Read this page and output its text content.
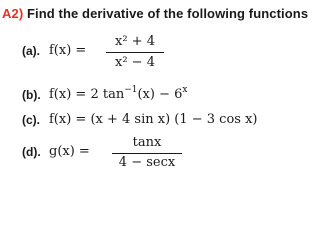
A2) Find the derivative of the following functions
(a). f(x) =
x² + 4
x² − 4
(b). f(x) = 2 $\tan^{-1}(x) - 6^x$
(c). f(x) = (x + 4 sin x) (1 − 3 cos x)
(d). g(x) =
tanx
4 − secx
